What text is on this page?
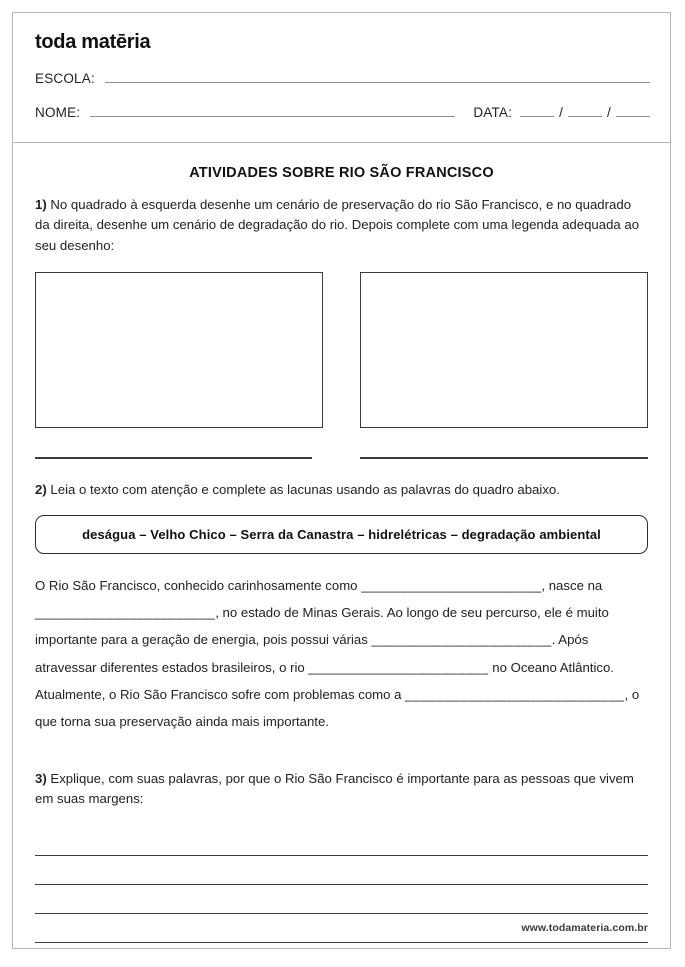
toda matēria
ESCOLA:
NOME:	DATA:	/	/
ATIVIDADES SOBRE RIO SÃO FRANCISCO

1) No quadrado à esquerda desenhe um cenário de preservação do rio São Francisco, e no quadrado da direita, desenhe um cenário de degradação do rio. Depois complete com uma legenda adequada ao seu desenho:

2) Leia o texto com atenção e complete as lacunas usando as palavras do quadro abaixo.

deságua – Velho Chico – Serra da Canastra – hidrelétricas – degradação ambiental

O Rio São Francisco, conhecido carinhosamente como _______________________, nasce na _______________________, no estado de Minas Gerais. Ao longo de seu percurso, ele é muito importante para a geração de energia, pois possui várias _______________________. Após atravessar diferentes estados brasileiros, o rio _______________________ no Oceano Atlântico. Atualmente, o Rio São Francisco sofre com problemas como a ____________________________, o que torna sua preservação ainda mais importante.

3) Explique, com suas palavras, por que o Rio São Francisco é importante para as pessoas que vivem em suas margens:

www.todamateria.com.br
